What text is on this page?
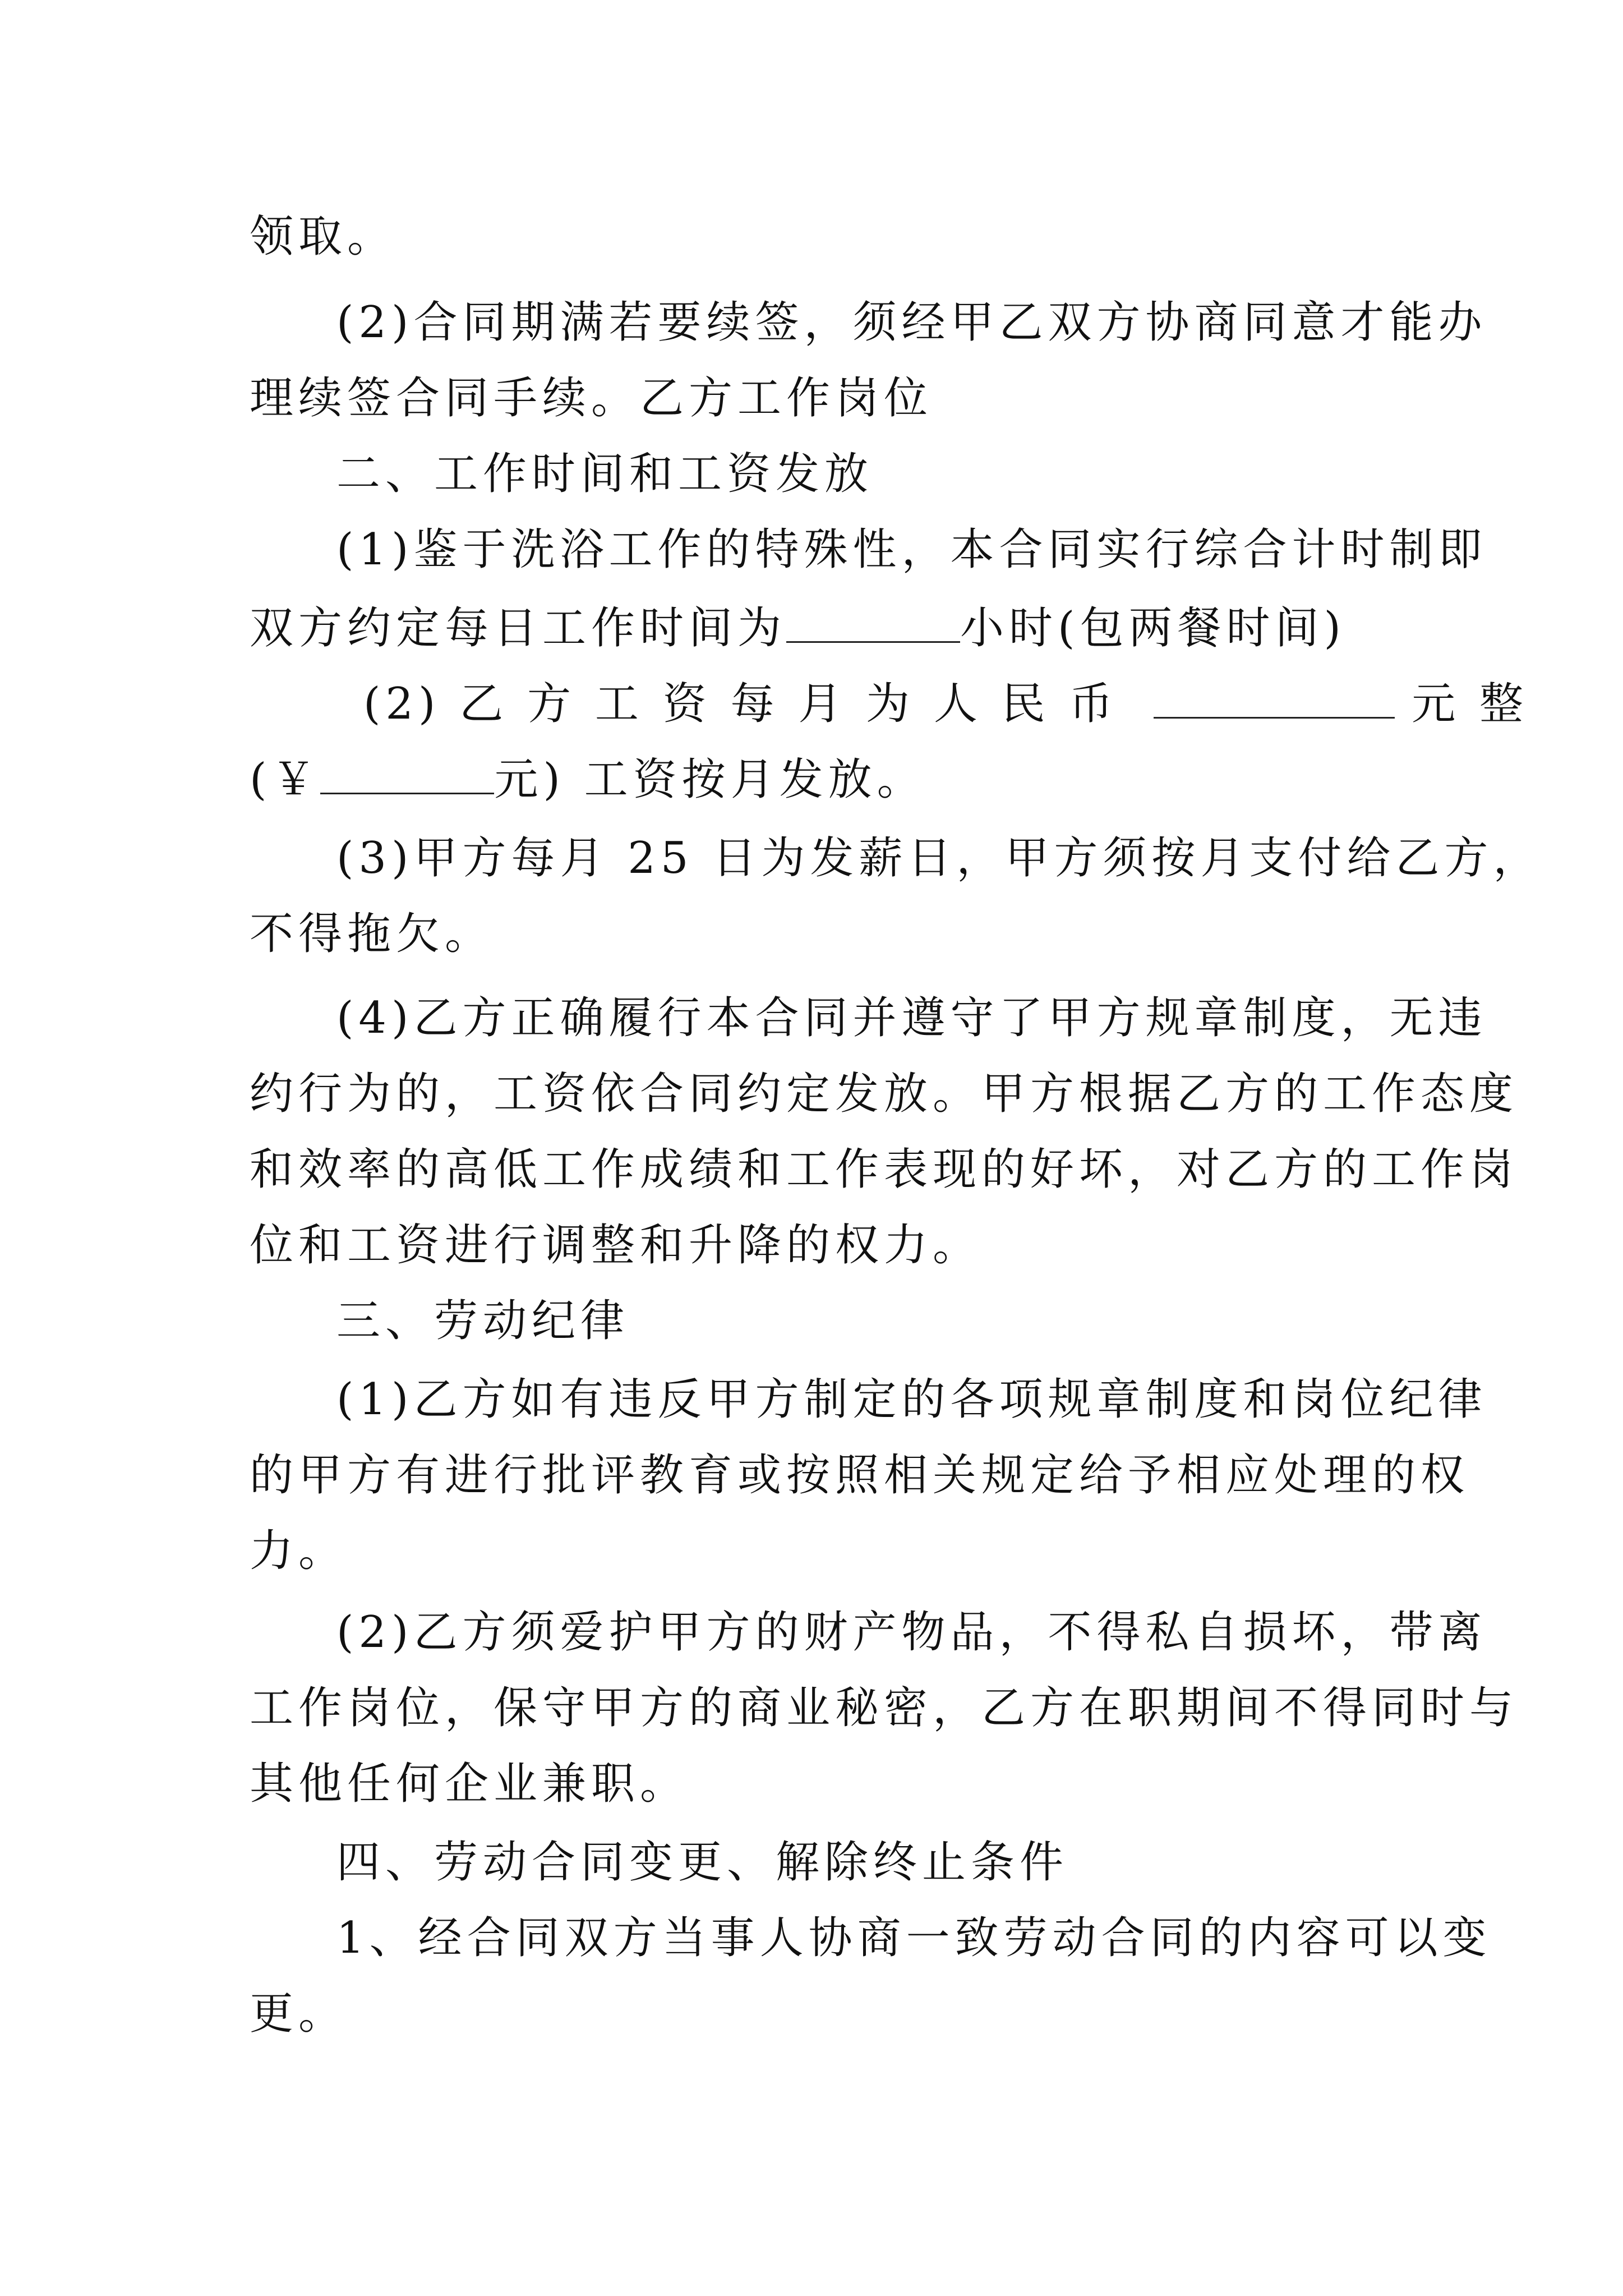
领取。
(2)合同期满若要续签，须经甲乙双方协商同意才能办
理续签合同手续。乙方工作岗位
二、工作时间和工资发放
(1)鉴于洗浴工作的特殊性，本合同实行综合计时制即
双方约定每日工作时间为	小时(包两餐时间)
(2) 乙 方 工 资 每 月 为 人 民 币	元 整
(￥	元) 工资按月发放。
(3)甲方每月 25 日为发薪日，甲方须按月支付给乙方，
不得拖欠。
(4)乙方正确履行本合同并遵守了甲方规章制度，无违
约行为的，工资依合同约定发放。甲方根据乙方的工作态度
和效率的高低工作成绩和工作表现的好坏，对乙方的工作岗
位和工资进行调整和升降的权力。
三、劳动纪律
(1)乙方如有违反甲方制定的各项规章制度和岗位纪律
的甲方有进行批评教育或按照相关规定给予相应处理的权
力。
(2)乙方须爱护甲方的财产物品，不得私自损坏，带离
工作岗位，保守甲方的商业秘密，乙方在职期间不得同时与
其他任何企业兼职。
四、劳动合同变更、解除终止条件
1、经合同双方当事人协商一致劳动合同的内容可以变
更。
